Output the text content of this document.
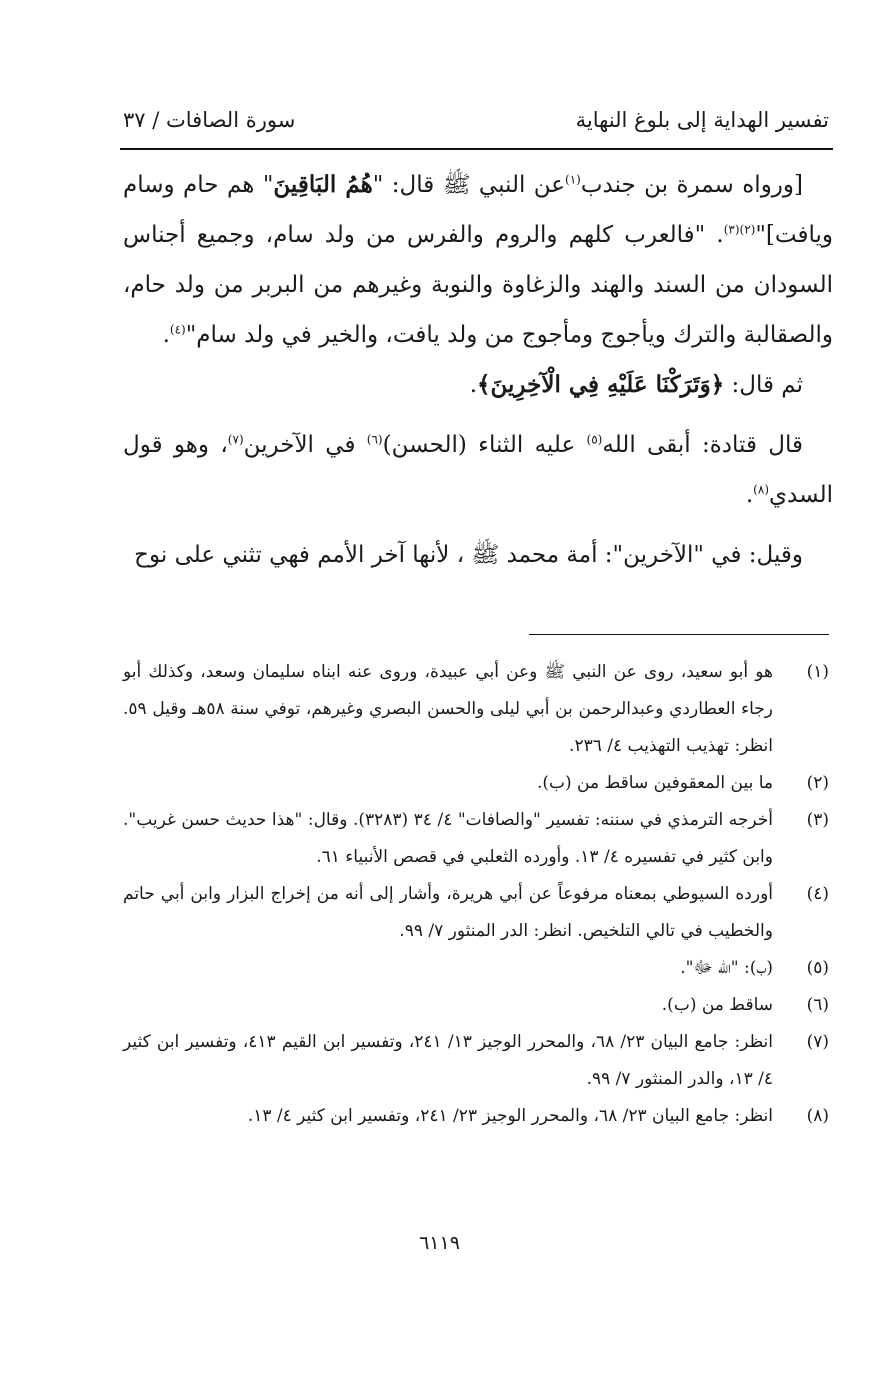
تفسير الهداية إلى بلوغ النهاية
سورة الصافات / ٣٧

[ورواه سمرة بن جندب$^{(١)}$عن النبي ﷺ قال: "هُمُ البَاقِينَ" هم حام وسام ويافت]"$^{(٢)(٣)}$. "فالعرب كلهم والروم والفرس من ولد سام، وجميع أجناس السودان من السند والهند والزغاوة والنوبة وغيرهم من البربر من ولد حام، والصقالبة والترك ويأجوج ومأجوج من ولد يافت، والخير في ولد سام"$^{(٤)}$.

ثم قال: ﴿وَتَرَكْنَا عَلَيْهِ فِي الْآخِرِينَ﴾.

قال قتادة: أبقى الله$^{(٥)}$ عليه الثناء (الحسن)$^{(٦)}$ في الآخرين$^{(٧)}$، وهو قول السدي$^{(٨)}$.

وقيل: في "الآخرين": أمة محمد ﷺ ، لأنها آخر الأمم فهي تثني على نوح

(١)
هو أبو سعيد، روى عن النبي ﷺ وعن أبي عبيدة، وروى عنه ابناه سليمان وسعد، وكذلك أبو رجاء العطاردي وعبدالرحمن بن أبي ليلى والحسن البصري وغيرهم، توفي سنة ٥٨هـ وقيل ٥٩. انظر: تهذيب التهذيب ٤/ ٢٣٦.
(٢)
ما بين المعقوفين ساقط من (ب).
(٣)
أخرجه الترمذي في سننه: تفسير "والصافات" ٤/ ٣٤ (٣٢٨٣). وقال: "هذا حديث حسن غريب". وابن كثير في تفسيره ٤/ ١٣. وأورده الثعلبي في قصص الأنبياء ٦١.
(٤)
أورده السيوطي بمعناه مرفوعاً عن أبي هريرة، وأشار إلى أنه من إخراج البزار وابن أبي حاتم والخطيب في تالي التلخيص. انظر: الدر المنثور ٧/ ٩٩.
(٥)
(ب): "الله ﷻ".
(٦)
ساقط من (ب).
(٧)
انظر: جامع البيان ٢٣/ ٦٨، والمحرر الوجيز ١٣/ ٢٤١، وتفسير ابن القيم ٤١٣، وتفسير ابن كثير ٤/ ١٣، والدر المنثور ٧/ ٩٩.
(٨)
انظر: جامع البيان ٢٣/ ٦٨، والمحرر الوجيز ٢٣/ ٢٤١، وتفسير ابن كثير ٤/ ١٣.
٦١١٩
